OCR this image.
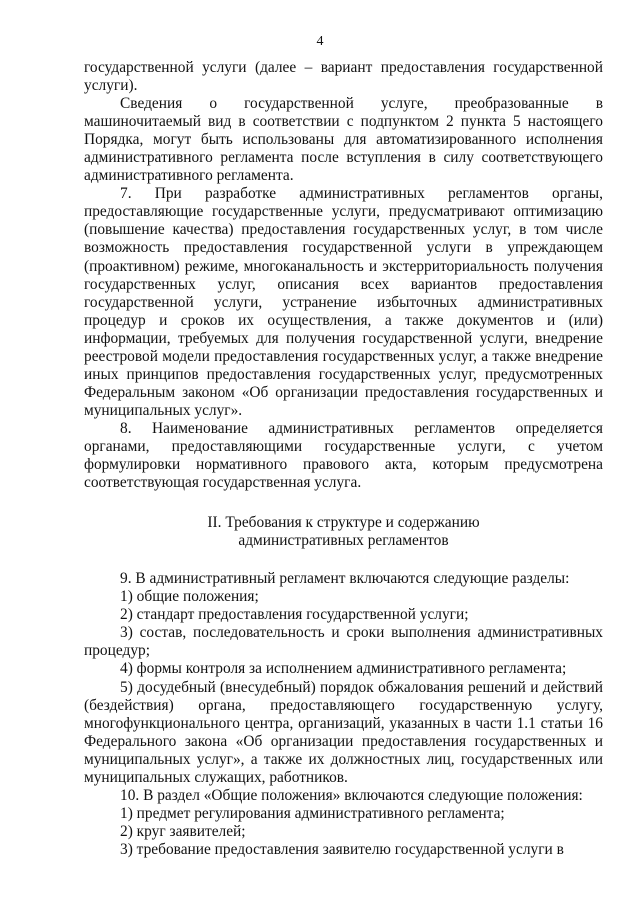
4

государственной услуги (далее – вариант предоставления государственной услуги).

Сведения о государственной услуге, преобразованные в машиночитаемый вид в соответствии с подпунктом 2 пункта 5 настоящего Порядка, могут быть использованы для автоматизированного исполнения административного регламента после вступления в силу соответствующего административного регламента.

7. При разработке административных регламентов органы, предоставляющие государственные услуги, предусматривают оптимизацию (повышение качества) предоставления государственных услуг, в том числе возможность предоставления государственной услуги в упреждающем (проактивном) режиме, многоканальность и экстерриториальность получения государственных услуг, описания всех вариантов предоставления государственной услуги, устранение избыточных административных процедур и сроков их осуществления, а также документов и (или) информации, требуемых для получения государственной услуги, внедрение реестровой модели предоставления государственных услуг, а также внедрение иных принципов предоставления государственных услуг, предусмотренных Федеральным законом «Об организации предоставления государственных и муниципальных услуг».

8. Наименование административных регламентов определяется органами, предоставляющими государственные услуги, с учетом формулировки нормативного правового акта, которым предусмотрена соответствующая государственная услуга.

II. Требования к структуре и содержанию

административных регламентов

9. В административный регламент включаются следующие разделы:

1) общие положения;

2) стандарт предоставления государственной услуги;

3) состав, последовательность и сроки выполнения административных процедур;

4) формы контроля за исполнением административного регламента;

5) досудебный (внесудебный) порядок обжалования решений и действий (бездействия) органа, предоставляющего государственную услугу, многофункционального центра, организаций, указанных в части 1.1 статьи 16 Федерального закона «Об организации предоставления государственных и муниципальных услуг», а также их должностных лиц, государственных или муниципальных служащих, работников.

10. В раздел «Общие положения» включаются следующие положения:

1) предмет регулирования административного регламента;

2) круг заявителей;

3) требование предоставления заявителю государственной услуги в
